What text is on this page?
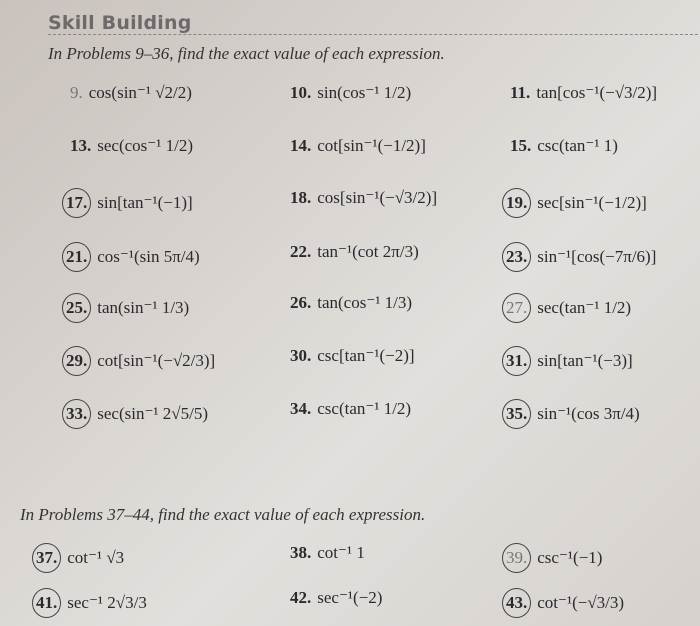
Skill Building
In Problems 9–36, find the exact value of each expression.
In Problems 37–44, find the exact value of each expression.
9. cos(sin⁻¹ √2/2)	10. sin(cos⁻¹ 1/2)	11. tan[cos⁻¹(−√3/2)]
13. sec(cos⁻¹ 1/2)	14. cot[sin⁻¹(−1/2)]	15. csc(tan⁻¹ 1)
17. sin[tan⁻¹(−1)]	18. cos[sin⁻¹(−√3/2)]	19. sec[sin⁻¹(−1/2)]
21. cos⁻¹(sin 5π/4)	22. tan⁻¹(cot 2π/3)	23. sin⁻¹[cos(−7π/6)]
25. tan(sin⁻¹ 1/3)	26. tan(cos⁻¹ 1/3)	27. sec(tan⁻¹ 1/2)
29. cot[sin⁻¹(−√2/3)]	30. csc[tan⁻¹(−2)]	31. sin[tan⁻¹(−3)]
33. sec(sin⁻¹ 2√5/5)	34. csc(tan⁻¹ 1/2)	35. sin⁻¹(cos 3π/4)
37. cot⁻¹ √3	38. cot⁻¹ 1	39. csc⁻¹(−1)
41. sec⁻¹ 2√3/3	42. sec⁻¹(−2)	43. cot⁻¹(−√3/3)
